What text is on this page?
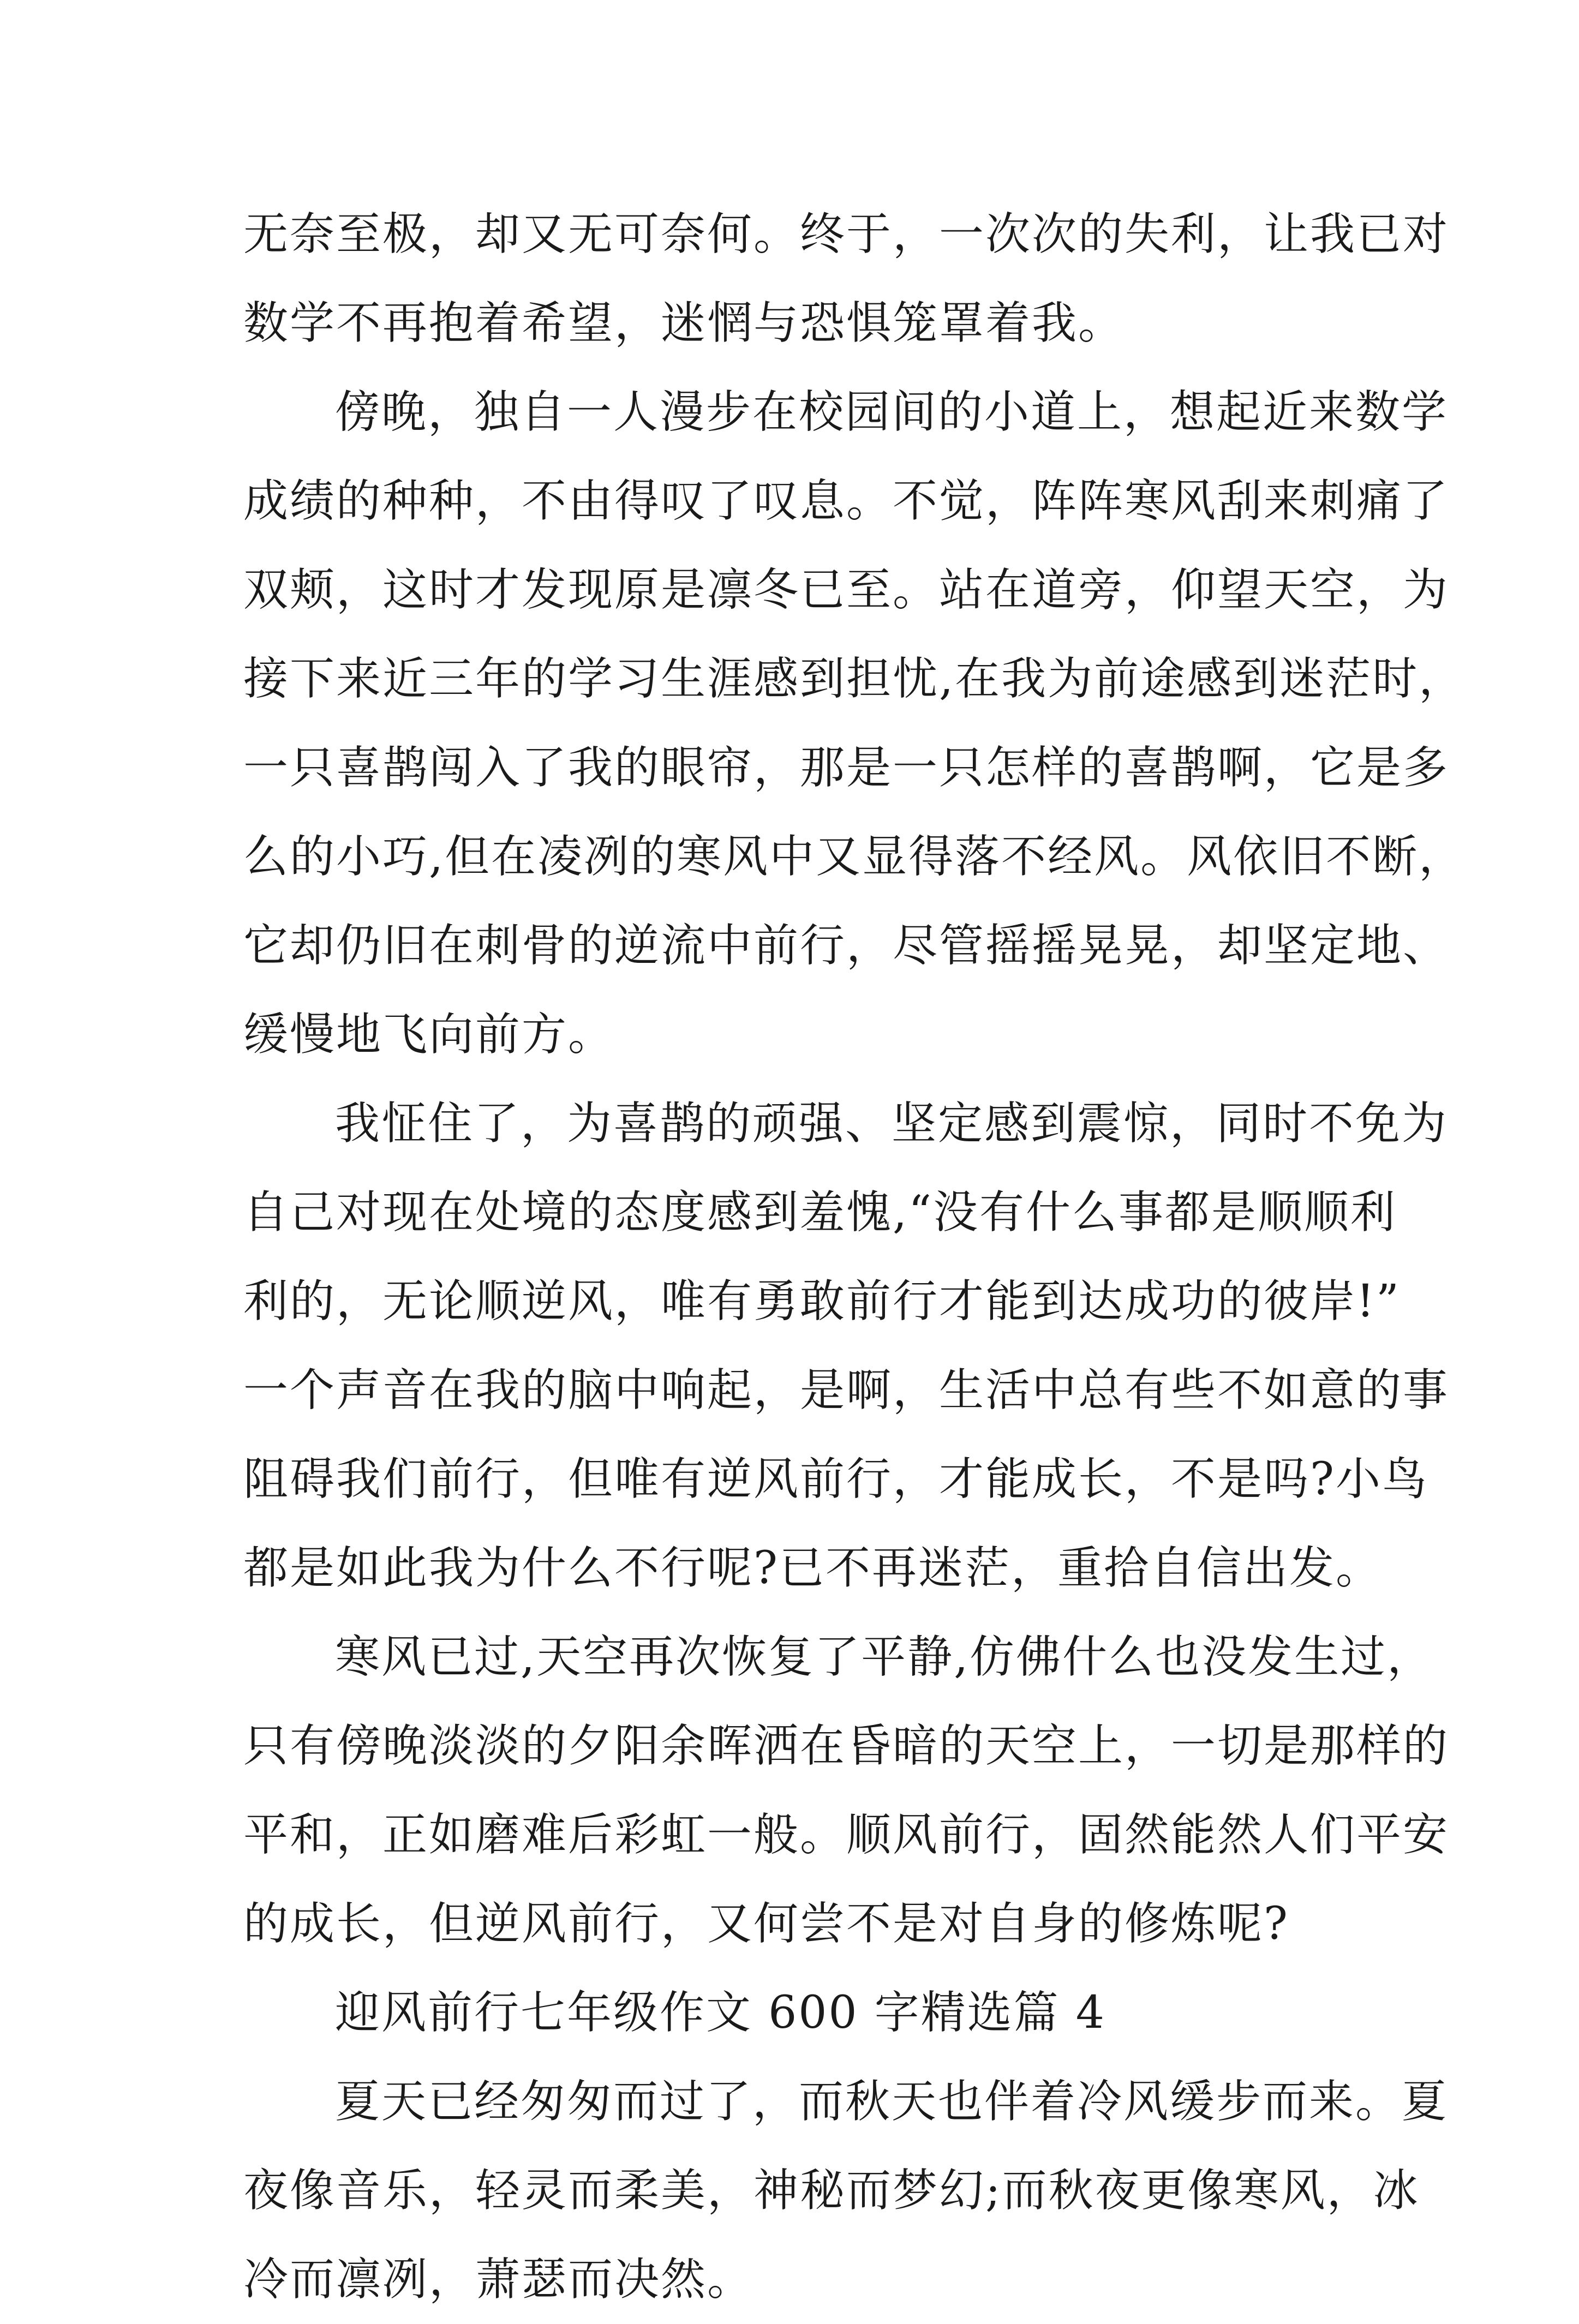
无奈至极，却又无可奈何。终于，一次次的失利，让我已对
数学不再抱着希望，迷惘与恐惧笼罩着我。
傍晚，独自一人漫步在校园间的小道上，想起近来数学
成绩的种种，不由得叹了叹息。不觉，阵阵寒风刮来刺痛了
双颊，这时才发现原是凛冬已至。站在道旁，仰望天空，为
接下来近三年的学习生涯感到担忧,在我为前途感到迷茫时，
一只喜鹊闯入了我的眼帘，那是一只怎样的喜鹊啊，它是多
么的小巧,但在凌冽的寒风中又显得落不经风。风依旧不断，
它却仍旧在刺骨的逆流中前行，尽管摇摇晃晃，却坚定地、
缓慢地飞向前方。
我怔住了，为喜鹊的顽强、坚定感到震惊，同时不免为
自己对现在处境的态度感到羞愧,“没有什么事都是顺顺利
利的，无论顺逆风，唯有勇敢前行才能到达成功的彼岸!”
一个声音在我的脑中响起，是啊，生活中总有些不如意的事
阻碍我们前行，但唯有逆风前行，才能成长，不是吗?小鸟
都是如此我为什么不行呢?已不再迷茫，重拾自信出发。
寒风已过,天空再次恢复了平静,仿佛什么也没发生过，
只有傍晚淡淡的夕阳余晖洒在昏暗的天空上，一切是那样的
平和，正如磨难后彩虹一般。顺风前行，固然能然人们平安
的成长，但逆风前行，又何尝不是对自身的修炼呢?
迎风前行七年级作文 600 字精选篇 4
夏天已经匆匆而过了，而秋天也伴着冷风缓步而来。夏
夜像音乐，轻灵而柔美，神秘而梦幻;而秋夜更像寒风，冰
冷而凛冽，萧瑟而决然。
